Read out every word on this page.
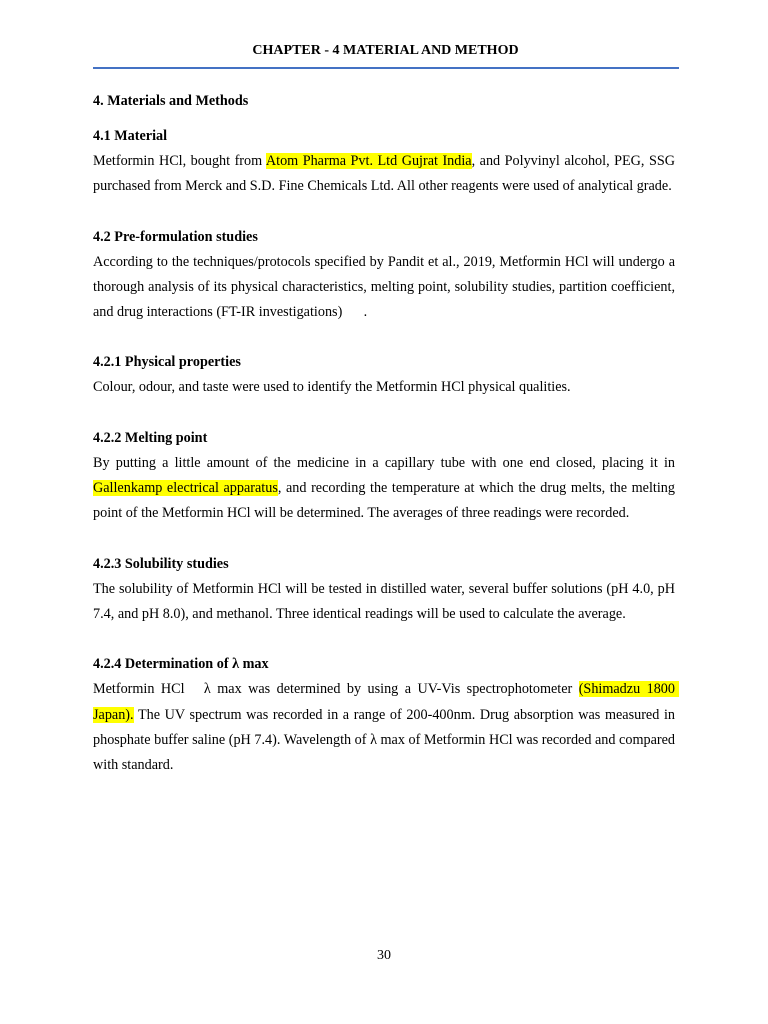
CHAPTER - 4 MATERIAL AND METHOD

4. Materials and Methods

4.1 Material

Metformin HCl, bought from Atom Pharma Pvt. Ltd Gujrat India, and Polyvinyl alcohol, PEG, SSG purchased from Merck and S.D. Fine Chemicals Ltd. All other reagents were used of analytical grade.

4.2 Pre-formulation studies

According to the techniques/protocols specified by Pandit et al., 2019, Metformin HCl will undergo a thorough analysis of its physical characteristics, melting point, solubility studies, partition coefficient, and drug interactions (FT-IR investigations)      .

4.2.1 Physical properties

Colour, odour, and taste were used to identify the Metformin HCl physical qualities.

4.2.2 Melting point

By putting a little amount of the medicine in a capillary tube with one end closed, placing it in Gallenkamp electrical apparatus, and recording the temperature at which the drug melts, the melting point of the Metformin HCl will be determined. The averages of three readings were recorded.

4.2.3 Solubility studies

The solubility of Metformin HCl will be tested in distilled water, several buffer solutions (pH 4.0, pH 7.4, and pH 8.0), and methanol. Three identical readings will be used to calculate the average.

4.2.4 Determination of λ max

Metformin HCl   λ max was determined by using a UV-Vis spectrophotometer (Shimadzu 1800 Japan). The UV spectrum was recorded in a range of 200-400nm. Drug absorption was measured in phosphate buffer saline (pH 7.4). Wavelength of λ max of Metformin HCl was recorded and compared with standard.

30
